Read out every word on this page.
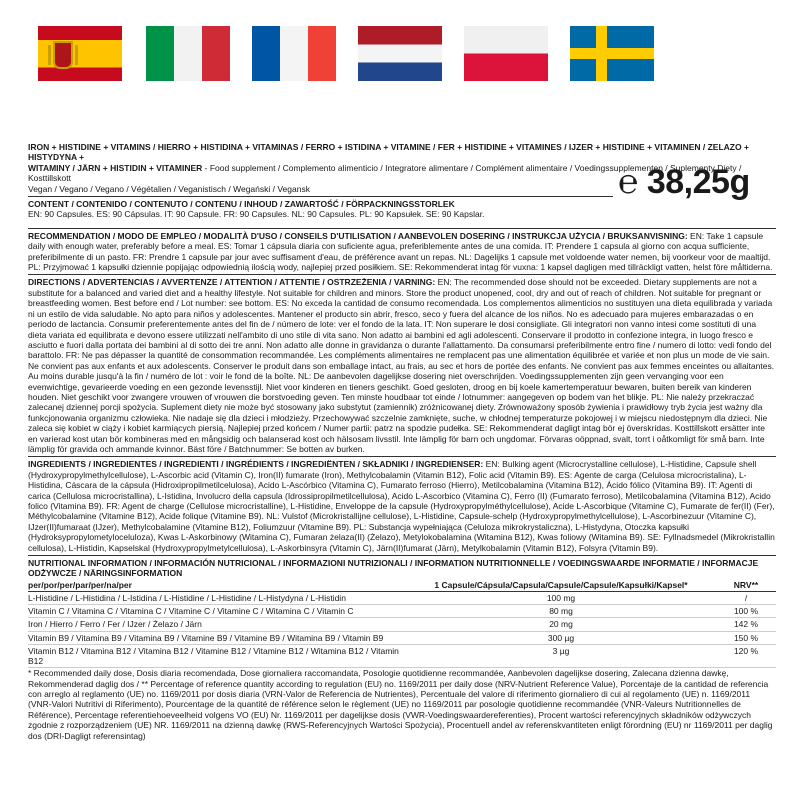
℮ 38,25g

IRON + HISTIDINE + VITAMINS / HIERRO + HISTIDINA + VITAMINAS / FERRO + ISTIDINA + VITAMINE / FER + HISTIDINE + VITAMINES / IJZER + HISTIDINE + VITAMINEN / ZELAZO + HISTYDYNA +
WITAMINY / JÄRN + HISTIDIN + VITAMINER - Food supplement / Complemento alimenticio / Integratore alimentare / Complément alimentaire / Voedingssupplementen / Suplementy Diety / Kosttillskott

Vegan / Vegano / Vegano / Végétalien / Veganistisch / Wegański / Vegansk

CONTENT / CONTENIDO / CONTENUTO / CONTENU / INHOUD / ZAWARTOŚĆ / FÖRPACKNINGSSTORLEK

EN: 90 Capsules. ES: 90 Cápsulas. IT: 90 Capsule. FR: 90 Capsules. NL: 90 Capsules. PL: 90 Kapsułek. SE: 90 Kapslar.

RECOMMENDATION / MODO DE EMPLEO / MODALITÀ D'USO / CONSEILS D'UTILISATION / AANBEVOLEN DOSERING / INSTRUKCJA UŻYCIA / BRUKSANVISNING: EN: Take 1 capsule daily with enough water, preferably before a meal. ES: Tomar 1 cápsula diaria con suficiente agua, preferiblemente antes de una comida. IT: Prendere 1 capsula al giorno con acqua sufficiente, preferibilmente di un pasto. FR: Prendre 1 capsule par jour avec suffisament d'eau, de préférence avant un repas. NL: Dagelijks 1 capsule met voldoende water nemen, bij voorkeur voor de maaltijd. PL: Przyjmować 1 kapsułki dziennie popijając odpowiednią ilością wody, najlepiej przed posiłkiem. SE: Rekommenderat intag för vuxna: 1 kapsel dagligen med tillräckligt vatten, helst före måltiderna.

DIRECTIONS / ADVERTENCIAS / AVVERTENZE / ATTENTION / ATTENTIE / OSTRZEŻENIA / VARNING: EN: The recommended dose should not be exceeded. Dietary supplements are not a substitute for a balanced and varied diet and a healthy lifestyle. Not suitable for children and minors. Store the product unopened, cool, dry and out of reach of children. Not suitable for pregnant or breastfeeding women. Best before end / Lot number: see bottom. ES: No exceda la cantidad de consumo recomendada. Los complementos alimenticios no sustituyen una dieta equilibrada y variada ni un estilo de vida saludable. No apto para niños y adolescentes. Mantener el producto sin abrir, fresco, seco y fuera del alcance de los niños. No es adecuado para mujeres embarazadas o en periodo de lactancia. Consumir preferentemente antes del fin de / número de lote: ver el fondo de la lata. IT: Non superare le dosi consigliate. Gli integratori non vanno intesi come sostituti di una dieta variata ed equilibrata e devono essere utilizzati nell'ambito di uno stile di vita sano. Non adatto ai bambini ed agli adolescenti. Conservare il prodotto in confezione integra, in luogo fresco e asciutto e fuori dalla portata dei bambini al di sotto dei tre anni. Non adatto alle donne in gravidanza o durante l'allattamento. Da consumarsi preferibilmente entro fine / numero di lotto: vedi fondo del barattolo. FR: Ne pas dépasser la quantité de consommation recommandée. Les compléments alimentaires ne remplacent pas une alimentation équilibrée et variée et non plus un mode de vie sain. Ne convient pas aux enfants et aux adolescents. Conserver le produit dans son emballage intact, au frais, au sec et hors de portée des enfants. Ne convient pas aux femmes enceintes ou allaitantes. Au moins durable jusqu'à la fin / numéro de lot : voir le fond de la boîte. NL: De aanbevolen dagelijkse dosering niet overschrijden. Voedingssupplementen zijn geen vervanging voor een evenwichtige, gevarieerde voeding en een gezonde levensstijl. Niet voor kinderen en tieners geschikt. Goed gesloten, droog en bij koele kamertemperatuur bewaren, buiten bereik van kinderen houden. Niet geschikt voor zwangere vrouwen of vrouwen die borstvoeding geven. Ten minste houdbaar tot einde / lotnummer: aangegeven op bodem van het blikje. PL: Nie należy przekraczać zalecanej dziennej porcji spożycia. Suplement diety nie może być stosowany jako substytut (zamiennik) zróżnicowanej diety. Zrównoważony sposób żywienia i prawidłowy tryb życia jest ważny dla funkcjonowania organizmu człowieka. Nie nadaje się dla dzieci i młodzieży. Przechowywać szczelnie zamknięte, suche, w chłodnej temperaturze pokojowej i w miejscu niedostępnym dla dzieci. Nie zaleca się kobiet w ciąży i kobiet karmiących piersią. Najlepiej przed końcem / Numer partii: patrz na spodzie pudełka. SE: Rekommenderat dagligt intag bör ej överskridas. Kosttillskott ersätter inte en varierad kost utan bör kombineras med en mångsidig och balanserad kost och hälsosam livsstil. Inte lämplig för barn och ungdomar. Förvaras oöppnad, svalt, torrt i oåtkomligt för små barn. Inte lämplig för gravida och ammande kvinnor. Bäst före / Batchnummer: Se botten av burken.

INGREDIENTS / INGREDIENTES / INGREDIENTI / INGRÉDIENTS / INGREDIËNTEN / SKŁADNIKI / INGREDIENSER: EN: Bulking agent (Microcrystalline cellulose), L-Histidine, Capsule shell (Hydroxypropylmethylcellulose), L-Ascorbic acid (Vitamin C), Iron(II) fumarate (Iron), Methylcobalamin (Vitamin B12), Folic acid (Vitamin B9). ES: Agente de carga (Celulosa microcristalina), L-Histidina, Cáscara de la cápsula (Hidroxipropilmetilcelulosa), Acido L-Ascórbico (Vitamina C), Fumarato ferroso (Hierro), Metilcobalamina (Vitamina B12), Ácido fólico (Vitamina B9). IT: Agenti di carica (Cellulosa microcristallina), L-Istidina, Involucro della capsula (Idrossipropilmetilcellulosa), Acido L-Ascorbico (Vitamina C), Ferro (II) (Fumarato ferroso), Metilcobalamina (Vitamina B12), Acido folico (Vitamina B9). FR: Agent de charge (Cellulose microcristalline), L-Histidine, Enveloppe de la capsule (Hydroxypropylméthylcellulose), Acide L-Ascorbique (Vitamine C), Fumarate de fer(II) (Fer), Méthylcobalamine (Vitamine B12), Acide folique (Vitamine B9). NL: Vulstof (Microkristallijne cellulose), L-Histidine, Capsule-schelp (Hydroxypropylmethylcellulose), L-Ascorbinezuur (Vitamine C), IJzer(II)fumaraat (IJzer), Methylcobalamine (Vitamine B12), Foliumzuur (Vitamine B9). PL: Substancja wypełniająca (Celuloza mikrokrystaliczna), L-Histydyna, Otoczka kapsułki (Hydroksypropylometylocelulozа), Kwas L-Askorbinowy (Witamina C), Fumaran żelaza(II) (Żelazo), Metylokobalamina (Witamina B12), Kwas foliowy (Witamina B9). SE: Fyllnadsmedel (Mikrokristallin cellulosa), L-Histidin, Kapselskal (Hydroxypropylmetylcellulosa), L-Askorbinsyra (Vitamin C), Järn(II)fumarat (Järn), Metylkobalamin (Vitamin B12), Folsyra (Vitamin B9).

NUTRITIONAL INFORMATION / INFORMACIÓN NUTRICIONAL / INFORMAZIONI NUTRIZIONALI / INFORMATION NUTRITIONNELLE / VOEDINGSWAARDE INFORMATIE / INFORMACJE ODŻYWCZE / NÄRINGSINFORMATION

per/por/per/par/per/na/per	1 Capsule/Cápsula/Capsula/Capsule/Capsule/Kapsułki/Kapsel*	NRV**
L-Histidine / L-Histidina / L-Istidina / L-Histidine / L-Histidine / L-Histydyna / L-Histidin	100 mg	/
Vitamin C / Vitamina C / Vitamina C / Vitamine C / Vitamine C / Witamina C / Vitamin C	80 mg	100 %
Iron / Hierro / Ferro / Fer / IJzer / Żelazo / Järn	20 mg	142 %
Vitamin B9 / Vitamina B9 / Vitamina B9 / Vitamine B9 / Vitamine B9 / Witamina B9 / Vitamin B9	300 µg	150 %
Vitamin B12 / Vitamina B12 / Vitamina B12 / Vitamine B12 / Vitamine B12 / Witamina B12 / Vitamin B12	3 µg	120 %

* Recommended daily dose, Dosis diaria recomendada, Dose giornaliera raccomandata, Posologie quotidienne recommandée, Aanbevolen dagelijkse dosering, Zalecana dzienna dawkę, Rekommenderad daglig dos / ** Percentage of reference quantity according to regulation (EU) no. 1169/2011 per daily dose (NRV-Nutrient Reference Value), Porcentaje de la cantidad de referencia con arreglo al reglamento (UE) no. 1169/2011 por dosis diaria (VRN-Valor de Referencia de Nutrientes), Percentuale del valore di riferimento giornaliero di cui al regolamento (UE) n. 1169/2011 (VNR-Valori Nutritivi di Riferimento), Pourcentage de la quantité de référence selon le règlement (UE) no 1169/2011 par posologie quotidienne recommandée (VNR-Valeurs Nutritionnelles de Référence), Percentage referentiehoeveelheid volgens VO (EU) Nr. 1169/2011 per dagelijkse dosis (VWR-Voedingswaardereferenties), Procent wartości referencyjnych składników odżywczych zgodnie z rozporządzeniem (UE) NR. 1169/2011 na dzienną dawkę (RWS-Referencyjnych Wartości Spożycia), Procentuell andel av referenskvantiteten enligt förordning (EU) nr 1169/2011 per daglig dos (DRI-Dagligt referensintag)
